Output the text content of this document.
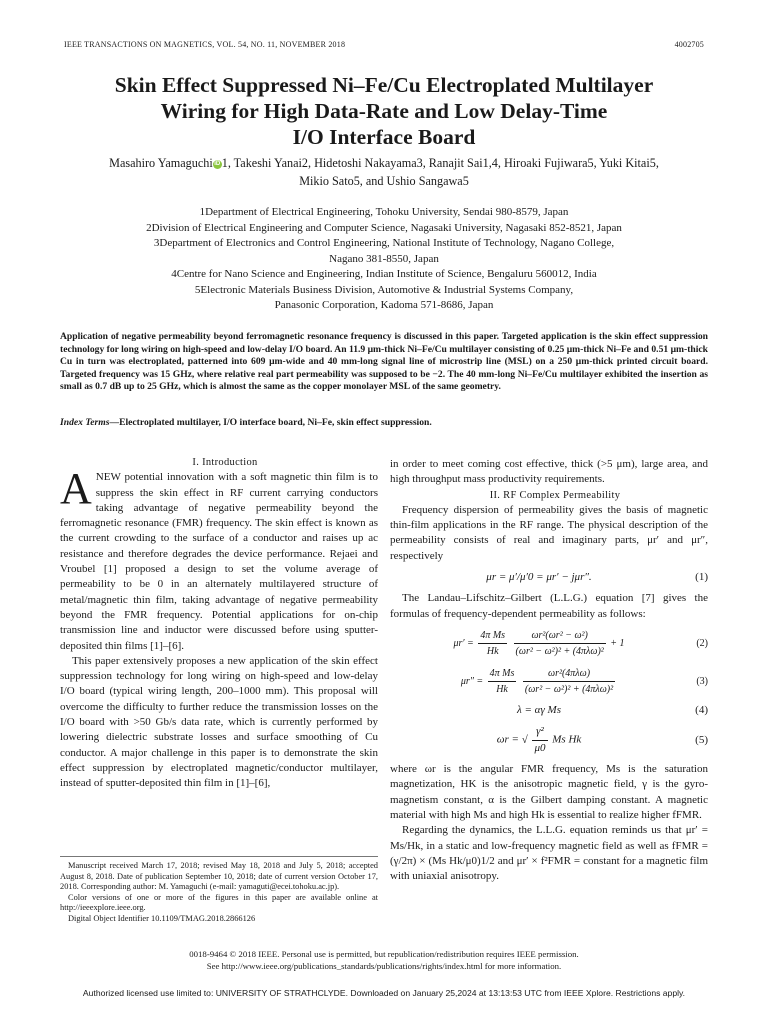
IEEE TRANSACTIONS ON MAGNETICS, VOL. 54, NO. 11, NOVEMBER 2018	4002705
Skin Effect Suppressed Ni–Fe/Cu Electroplated Multilayer
Wiring for High Data-Rate and Low Delay-Time
I/O Interface Board
Masahiro Yamaguchi iD 1, Takeshi Yanai2, Hidetoshi Nakayama3, Ranajit Sai1,4, Hiroaki Fujiwara5, Yuki Kitai5,
Mikio Sato5, and Ushio Sangawa5
1Department of Electrical Engineering, Tohoku University, Sendai 980-8579, Japan
2Division of Electrical Engineering and Computer Science, Nagasaki University, Nagasaki 852-8521, Japan
3Department of Electronics and Control Engineering, National Institute of Technology, Nagano College,
Nagano 381-8550, Japan
4Centre for Nano Science and Engineering, Indian Institute of Science, Bengaluru 560012, India
5Electronic Materials Business Division, Automotive & Industrial Systems Company,
Panasonic Corporation, Kadoma 571-8686, Japan
Application of negative permeability beyond ferromagnetic resonance frequency is discussed in this paper. Targeted application is the skin effect suppression technology for long wiring on high-speed and low-delay I/O board. An 11.9 μm-thick Ni–Fe/Cu multilayer consisting of 0.25 μm-thick Ni–Fe and 0.51 μm-thick Cu in turn was electroplated, patterned into 609 μm-wide and 40 mm-long signal line of microstrip line (MSL) on a 250 μm-thick printed circuit board. Targeted frequency was 15 GHz, where relative real part permeability was supposed to be −2. The 40 mm-long Ni–Fe/Cu multilayer exhibited the insertion as small as 0.7 dB up to 25 GHz, which is almost the same as the copper monolayer MSL of the same geometry.
Index Terms—Electroplated multilayer, I/O interface board, Ni–Fe, skin effect suppression.

I. Introduction

ANEW potential innovation with a soft magnetic thin film is to suppress the skin effect in RF current carrying conductors taking advantage of negative permeability beyond the ferromagnetic resonance (FMR) frequency. The skin effect is known as the current crowding to the surface of a conductor and raises up ac resistance and therefore degrades the device performance. Rejaei and Vroubel [1] proposed a design to set the volume average of permeability to be 0 in an alternately multilayered structure of metal/magnetic thin film, taking advantage of negative permeability beyond the FMR frequency. Potential applications for on-chip transmission line and inductor were discussed before using sputter-deposited thin films [1]–[6].

This paper extensively proposes a new application of the skin effect suppression technology for long wiring on high-speed and low-delay I/O board (typical wiring length, 200–1000 mm). This proposal will overcome the difficulty to further reduce the transmission losses on the I/O board with >50 Gb/s data rate, which is currently performed by lowering dielectric substrate losses and surface smoothing of Cu conductor. A major challenge in this paper is to demonstrate the skin effect suppression by electroplated magnetic/conductor multilayer, instead of sputter-deposited thin film in [1]–[6],

in order to meet coming cost effective, thick (>5 μm), large area, and high throughput mass productivity requirements.

II. RF Complex Permeability

Frequency dispersion of permeability gives the basis of magnetic thin-film applications in the RF range. The physical description of the permeability consists of real and imaginary parts, μr′ and μr″, respectively

μr = μ′/μ′0 = μr′ − jμr″.	(1)

The Landau–Lifschitz–Gilbert (L.L.G.) equation [7] gives the formulas of frequency-dependent permeability as follows:

$\mu r' = \frac{\text{4π Ms}}{Hk}$
$\frac{\text{ωr²(ωr² − ω²)}}{\text{(ωr² − ω²)² + (4πλω)²}} + 1$	(2)
$\mu r'' = \frac{\text{4π Ms}}{Hk}$
$\frac{\text{ωr²(4πλω)}}{\text{(ωr² − ω²)² + (4πλω)²}}$	(3)
λ = αγ Ms	(4)
ωr = √ $\frac{\text{γ²}}{\mu 0}$ Ms Hk	(5)

where ωr is the angular FMR frequency, Ms is the saturation magnetization, HK is the anisotropic magnetic field, γ is the gyro-magnetism constant, α is the Gilbert damping constant. A magnetic material with high Ms and high Hk is essential to realize higher fFMR.

Regarding the dynamics, the L.L.G. equation reminds us that μr′ = Ms/Hk, in a static and low-frequency magnetic field as well as fFMR = (γ/2π) × (Ms Hk/μ0)1/2 and μr′ × f²FMR = constant for a magnetic film with uniaxial anisotropy.

Manuscript received March 17, 2018; revised May 18, 2018 and July 5, 2018; accepted August 8, 2018. Date of publication September 10, 2018; date of current version October 17, 2018. Corresponding author: M. Yamaguchi (e-mail: yamaguti@ecei.tohoku.ac.jp).

Color versions of one or more of the figures in this paper are available online at http://ieeexplore.ieee.org.

Digital Object Identifier 10.1109/TMAG.2018.2866126

0018-9464 © 2018 IEEE. Personal use is permitted, but republication/redistribution requires IEEE permission.
See http://www.ieee.org/publications_standards/publications/rights/index.html for more information.
Authorized licensed use limited to: UNIVERSITY OF STRATHCLYDE. Downloaded on January 25,2024 at 13:13:53 UTC from IEEE Xplore. Restrictions apply.
